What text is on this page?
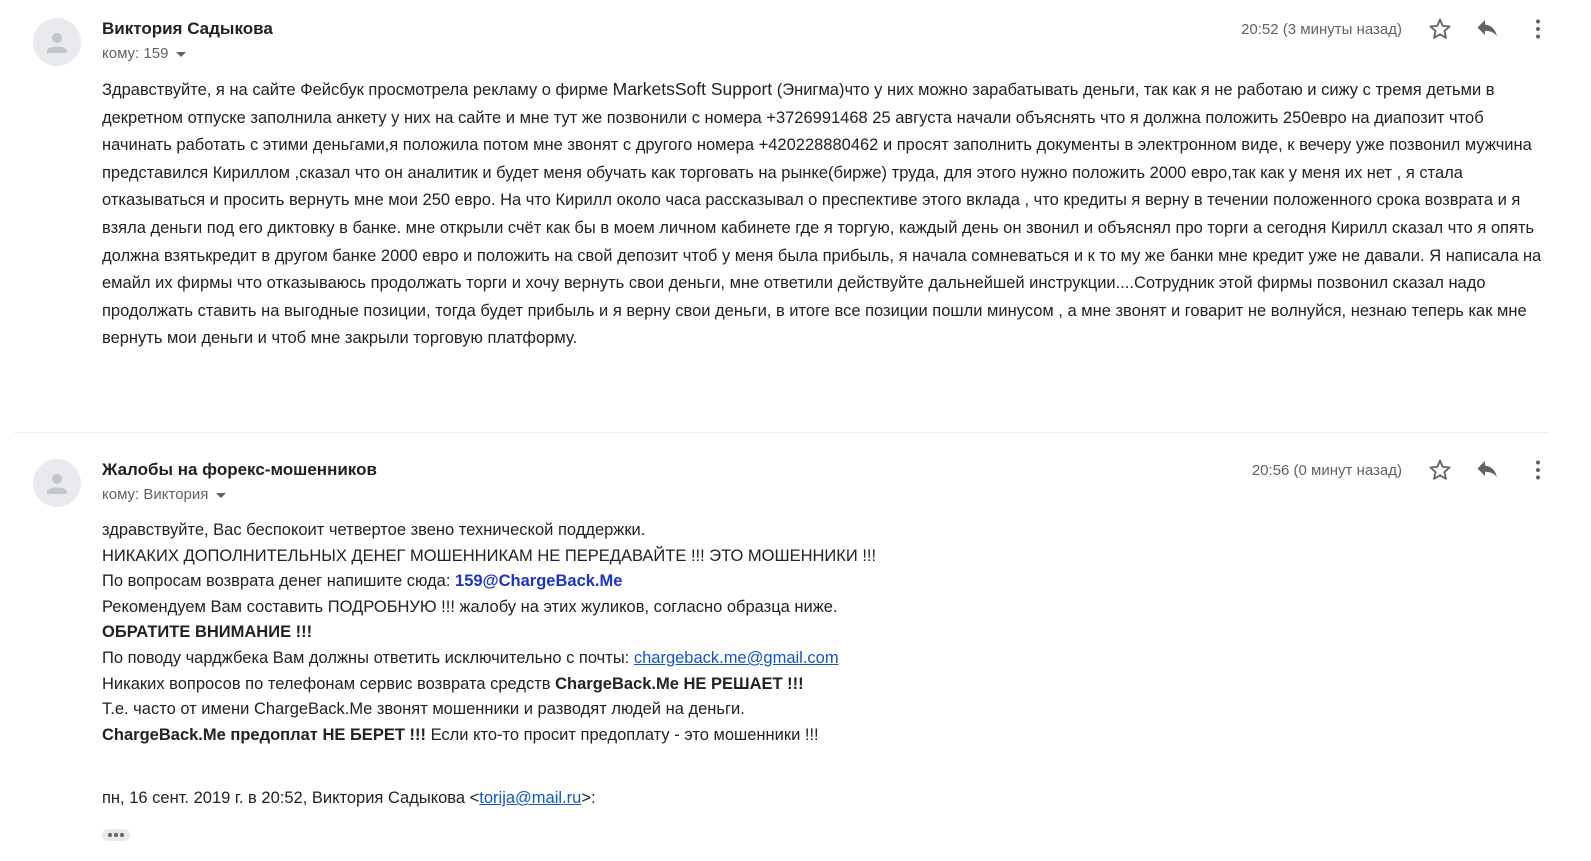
Виктория Садыкова
кому: 159
20:52 (3 минуты назад)
Здравствуйте, я на сайте Фейсбук просмотрела рекламу о фирме MarketsSoft Support (Энигма)что у них можно зарабатывать деньги, так как я не работаю и сижу с тремя детьми в декретном отпуске заполнила анкету у них на сайте и мне тут же позвонили с номера +3726991468 25 августа начали объяснять что я должна положить 250евро на диапозит чтоб начинать работать с этими деньгами,я положила потом мне звонят с другого номера +420228880462 и просят заполнить документы в электронном виде, к вечеру уже позвонил мужчина представился Кириллом ,сказал что он аналитик и будет меня обучать как торговать на рынке(бирже) труда, для этого нужно положить 2000 евро,так как у меня их нет , я стала отказываться и просить вернуть мне мои 250 евро. На что Кирилл около часа рассказывал о преспективе этого вклада , что кредиты я верну в течении положенного срока возврата и я взяла деньги под его диктовку в банке. мне открыли счёт как бы в моем личном кабинете где я торгую, каждый день он звонил и объяснял про торги а сегодня Кирилл сказал что я опять должна взятькредит в другом банке 2000 евро и положить на свой депозит чтоб у меня была прибыль, я начала сомневаться и к то му же банки мне кредит уже не давали. Я написала на емайл их фирмы что отказываюсь продолжать торги и хочу вернуть свои деньги, мне ответили действуйте дальнейшей инструкции....Сотрудник этой фирмы позвонил сказал надо продолжать ставить на выгодные позиции, тогда будет прибыль и я верну свои деньги, в итоге все позиции пошли минусом , а мне звонят и говарит не волнуйся, незнаю теперь как мне вернуть мои деньги и чтоб мне закрыли торговую платформу.
Жалобы на форекс-мошенников
кому: Виктория
20:56 (0 минут назад)
здравствуйте, Вас беспокоит четвертое звено технической поддержки.
НИКАКИХ ДОПОЛНИТЕЛЬНЫХ ДЕНЕГ МОШЕННИКАМ НЕ ПЕРЕДАВАЙТЕ !!! ЭТО МОШЕННИКИ !!!
По вопросам возврата денег напишите сюда: 159@ChargeBack.Me
Рекомендуем Вам составить ПОДРОБНУЮ !!! жалобу на этих жуликов, согласно образца ниже.
ОБРАТИТЕ ВНИМАНИЕ !!!
По поводу чарджбека Вам должны ответить исключительно с почты: chargeback.me@gmail.com
Никаких вопросов по телефонам сервис возврата средств ChargeBack.Me НЕ РЕШАЕТ !!!
Т.е. часто от имени ChargeBack.Me звонят мошенники и разводят людей на деньги.
ChargeBack.Me предоплат НЕ БЕРЕТ !!! Если кто-то просит предоплату - это мошенники !!!
пн, 16 сент. 2019 г. в 20:52, Виктория Садыкова <torija@mail.ru>:
